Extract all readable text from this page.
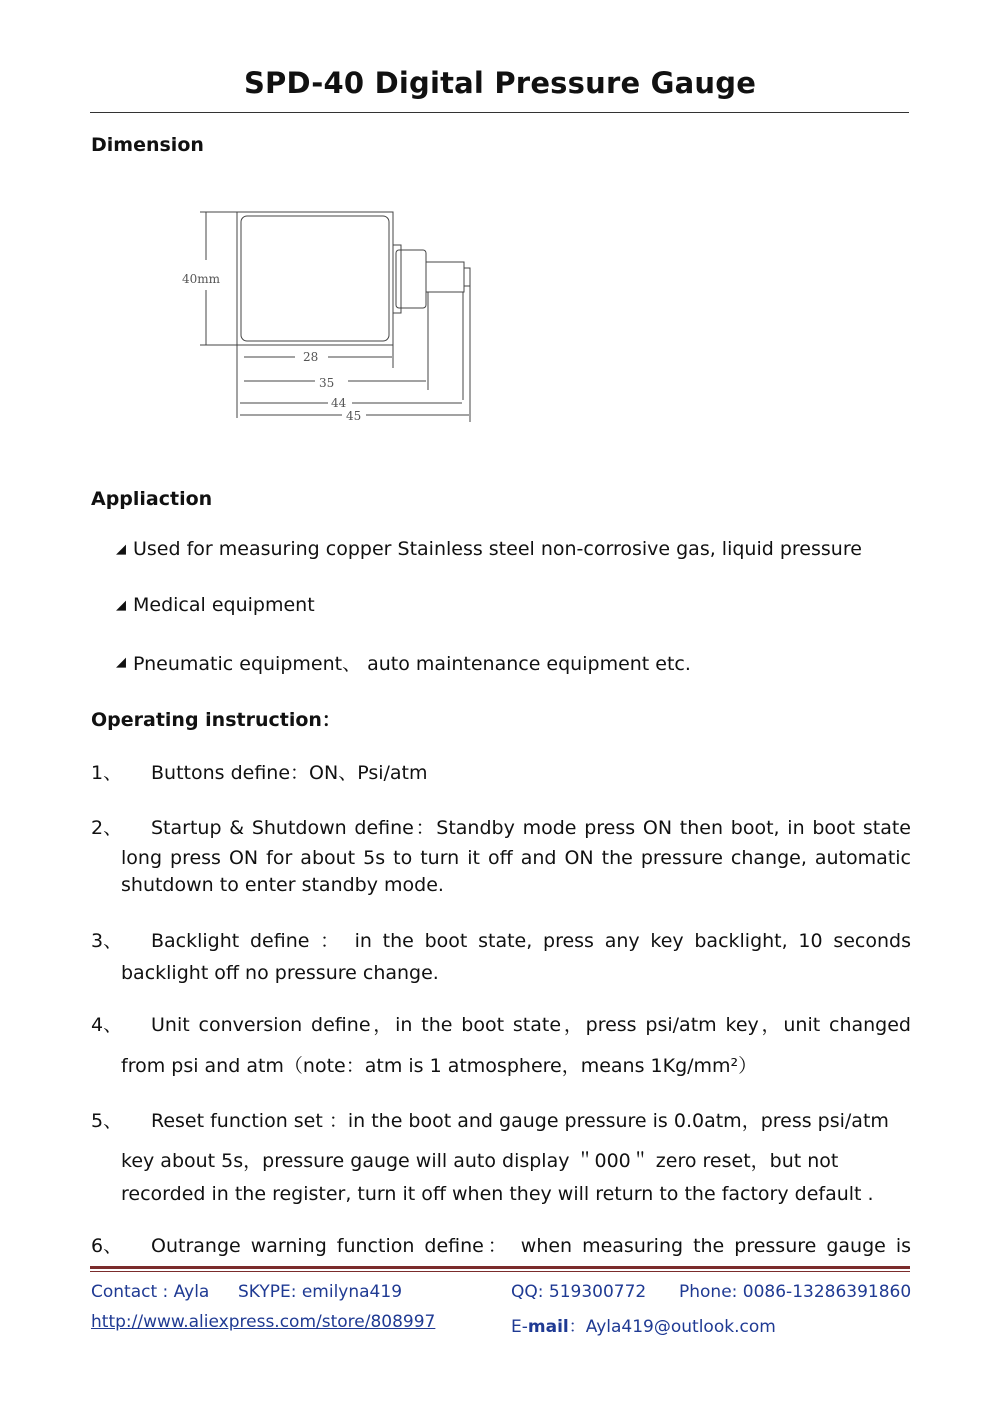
SPD-40 Digital Pressure Gauge
Dimension
40mm
28
35
44
45
Appliaction
◢ Used for measuring copper Stainless steel non-corrosive gas, liquid pressure
◢ Medical equipment
◢ Pneumatic equipment、 auto maintenance equipment etc.
Operating instruction：
1、	Buttons define：ON、Psi/atm
2、	Startup & Shutdown define：Standby mode press ON then boot, in boot state
long press ON for about 5s to turn it off and ON the pressure change, automatic
shutdown to enter standby mode.
3、	Backlight define ： in the boot state, press any key backlight, 10 seconds
backlight off no pressure change.
4、	Unit conversion define，in the boot state，press psi/atm key，unit changed
from psi and atm（note：atm is 1 atmosphere，means 1Kg/mm²）
5、	Reset function set ：in the boot and gauge pressure is 0.0atm，press psi/atm
key about 5s，pressure gauge will auto display ＂000＂ zero reset，but not
recorded in the register, turn it off when they will return to the factory default .
6、	Outrange warning function define： when measuring the pressure gauge is
Contact : Ayla SKYPE: emilyna419	QQ: 519300772 Phone: 0086-13286391860
http://www.aliexpress.com/store/808997	E-mail：Ayla419@outlook.com
